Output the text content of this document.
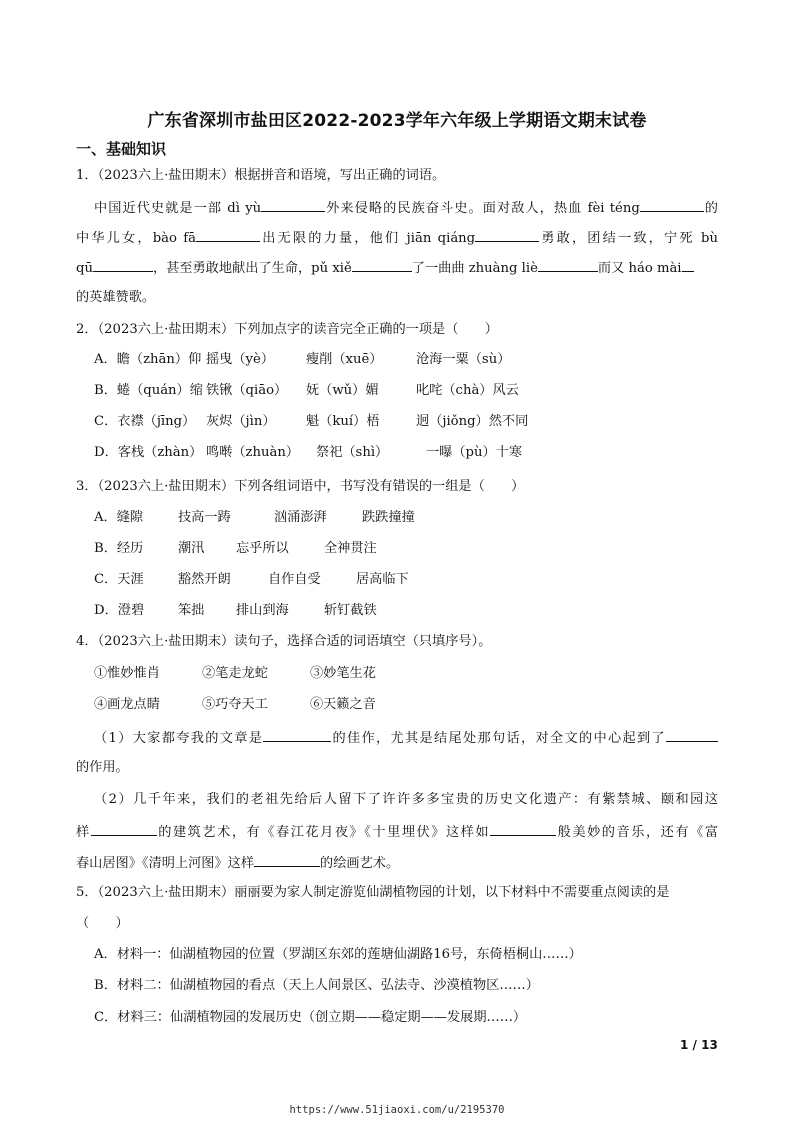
广东省深圳市盐田区2022-2023学年六年级上学期语文期末试卷
一、基础知识
1．（2023六上·盐田期末）根据拼音和语境，写出正确的词语。
中国近代史就是一部 dì yù	外来侵略的民族奋斗史。面对敌人，热血 fèi téng	的
中华儿女，bào fā	出无限的力量，他们 jiān qiáng	勇敢，团结一致，宁死 bù
qū	，甚至勇敢地献出了生命，pǔ xiě	了一曲曲 zhuàng liè	而又 háo mài
的英雄赞歌。
2．（2023六上·盐田期末）下列加点字的读音完全正确的一项是（　　）
A．瞻（zhān）仰 摇曳（yè） 瘦削（xuē）	沧海一粟（sù）
B．蜷（quán）缩 铁锹（qiāo） 妩（wǔ）媚	叱咤（chà）风云
C．衣襟（jīng） 灰烬（jìn） 魁（kuí）梧	迥（jiǒng）然不同
D．客栈（zhàn） 鸣啭（zhuàn） 祭祀（shì）	一曝（pù）十寒
3．（2023六上·盐田期末）下列各组词语中，书写没有错误的一组是（　　）
A．缝隙	技高一踌	汹涌澎湃	跌跌撞撞
B．经历	潮汛 忘乎所以	全神贯注
C．天涯	豁然开朗	自作自受	居高临下
D．澄碧	笨拙 排山到海	斩钉截铁
4．（2023六上·盐田期末）读句子，选择合适的词语填空（只填序号）。
①惟妙惟肖	②笔走龙蛇	③妙笔生花
④画龙点睛	⑤巧夺天工	⑥天籁之音
（1）大家都夸我的文章是	的佳作，尤其是结尾处那句话，对全文的中心起到了
的作用。
（2）几千年来，我们的老祖先给后人留下了许许多多宝贵的历史文化遗产：有紫禁城、颐和园这
样	的建筑艺术，有《春江花月夜》《十里埋伏》这样如	般美妙的音乐，还有《富
春山居图》《清明上河图》这样	的绘画艺术。
5．（2023六上·盐田期末）丽丽要为家人制定游览仙湖植物园的计划，以下材料中不需要重点阅读的是
（　　）
A．材料一：仙湖植物园的位置（罗湖区东郊的莲塘仙湖路16号，东倚梧桐山……）
B．材料二：仙湖植物园的看点（天上人间景区、弘法寺、沙漠植物区……）
C．材料三：仙湖植物园的发展历史（创立期——稳定期——发展期……）
1 / 13
https://www.51jiaoxi.com/u/2195370
